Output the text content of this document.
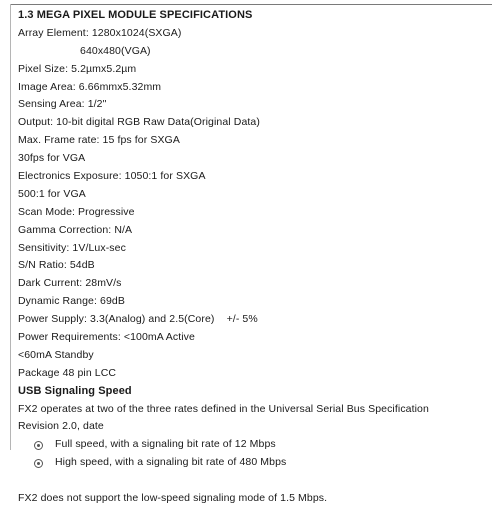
1.3 MEGA PIXEL MODULE SPECIFICATIONS
Array Element: 1280x1024(SXGA)
640x480(VGA)
Pixel Size: 5.2µmx5.2µm
Image Area: 6.66mmx5.32mm
Sensing Area: 1/2"
Output: 10-bit digital RGB Raw Data(Original Data)
Max. Frame rate: 15 fps for SXGA
30fps for VGA
Electronics Exposure: 1050:1 for SXGA
500:1 for VGA
Scan Mode: Progressive
Gamma Correction: N/A
Sensitivity: 1V/Lux-sec
S/N Ratio: 54dB
Dark Current: 28mV/s
Dynamic Range: 69dB
Power Supply: 3.3(Analog) and 2.5(Core)    +/- 5%
Power Requirements: <100mA Active
<60mA Standby
Package 48 pin LCC
USB Signaling Speed
FX2 operates at two of the three rates defined in the Universal Serial Bus Specification
Revision 2.0, date
Full speed, with a signaling bit rate of 12 Mbps
High speed, with a signaling bit rate of 480 Mbps
FX2 does not support the low-speed signaling mode of 1.5 Mbps.
